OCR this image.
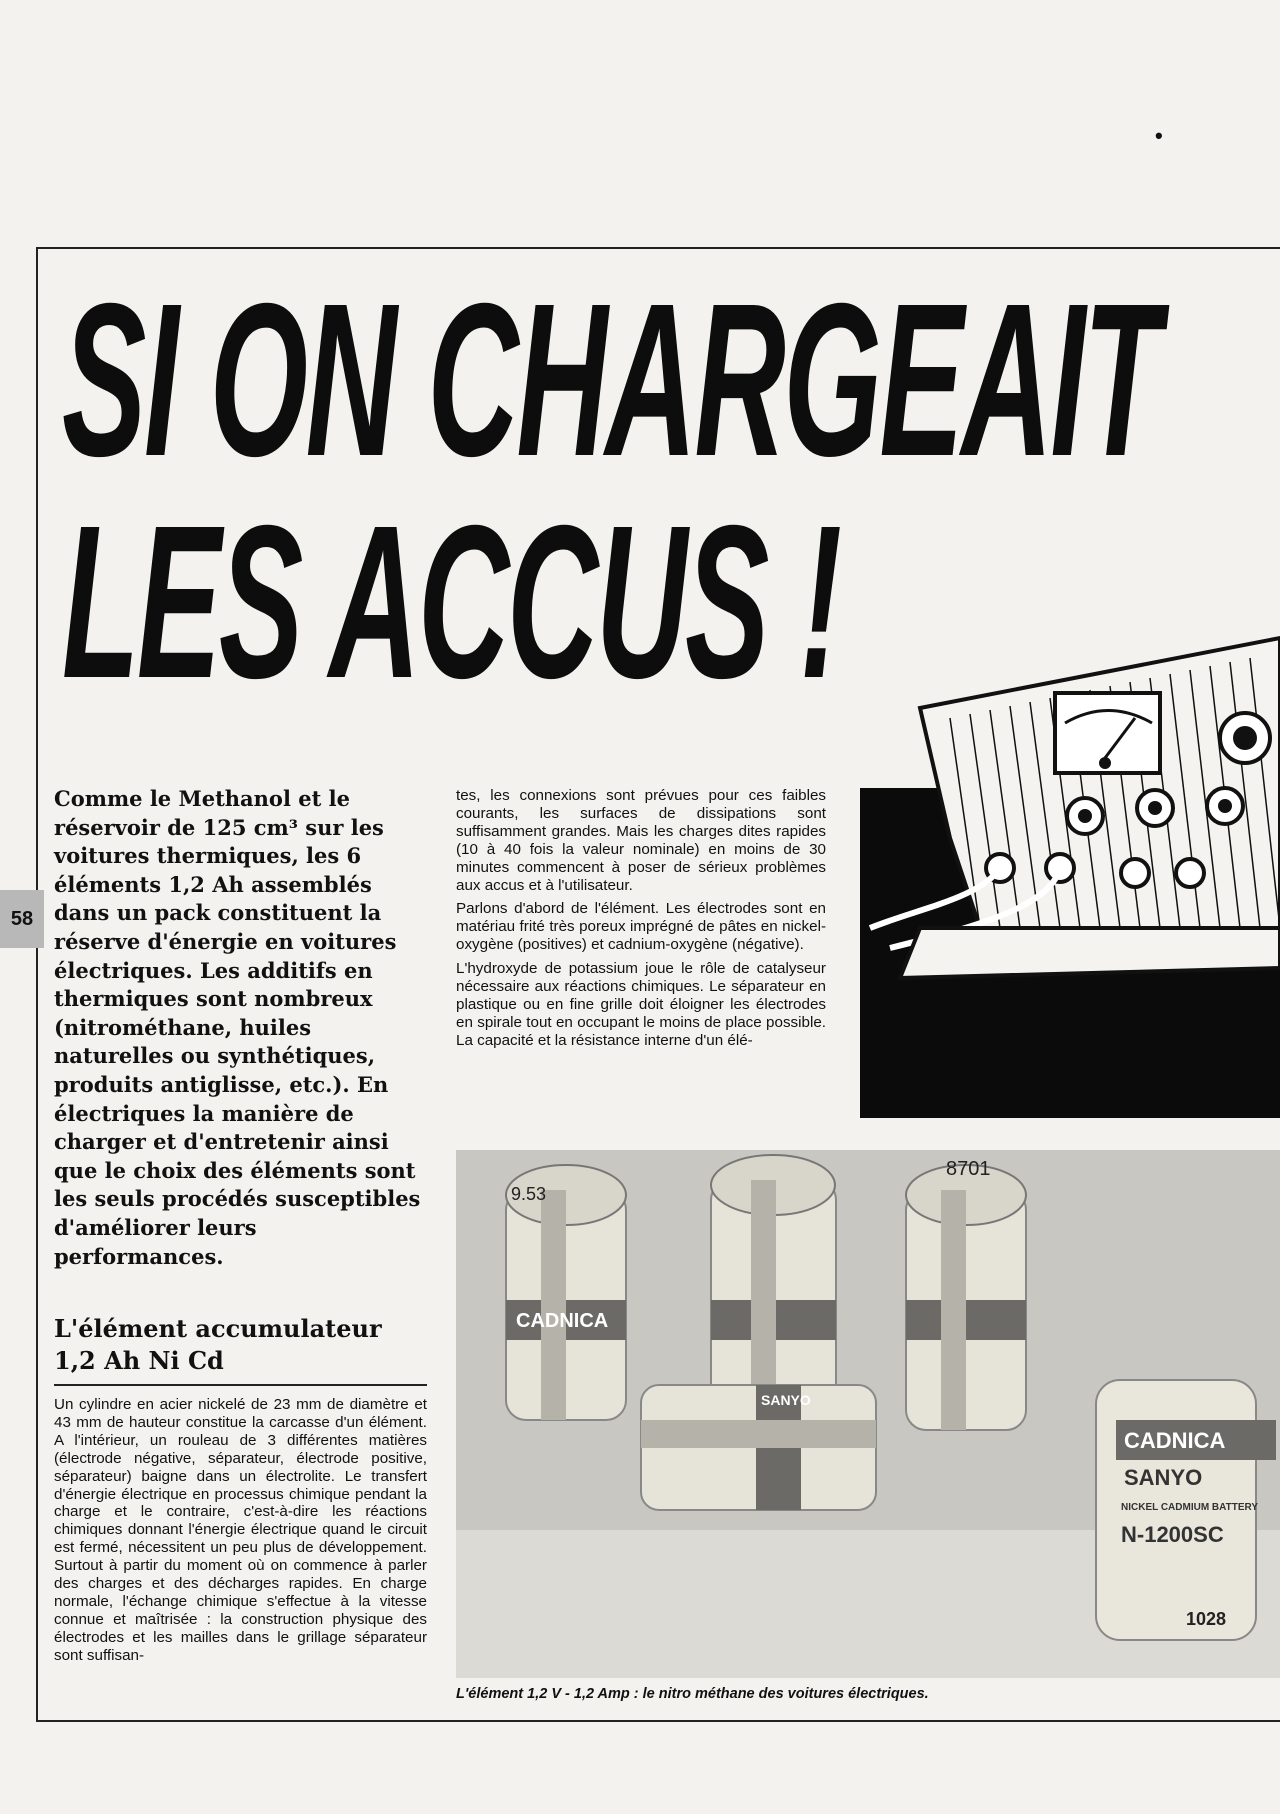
•
SI ON CHARGEAIT
LES ACCUS !
58
Comme le Methanol et le réservoir de 125 cm³ sur les voitures thermiques, les 6 éléments 1,2 Ah assemblés dans un pack constituent la réserve d'énergie en voitures électriques. Les additifs en thermiques sont nombreux (nitrométhane, huiles naturelles ou synthétiques, produits antiglisse, etc.). En électriques la manière de charger et d'entretenir ainsi que le choix des éléments sont les seuls procédés susceptibles d'améliorer leurs performances.
L'élément accumulateur 1,2 Ah Ni Cd
Un cylindre en acier nickelé de 23 mm de diamètre et 43 mm de hauteur constitue la carcasse d'un élément. A l'intérieur, un rouleau de 3 différentes matières (électrode négative, séparateur, électrode positive, séparateur) baigne dans un électrolite. Le transfert d'énergie électrique en processus chimique pendant la charge et le contraire, c'est-à-dire les réactions chimiques donnant l'énergie électrique quand le circuit est fermé, nécessitent un peu plus de développement. Surtout à partir du moment où on commence à parler des charges et des décharges rapides. En charge normale, l'échange chimique s'effectue à la vitesse connue et maîtrisée : la construction physique des électrodes et les mailles dans le grillage séparateur sont suffisan-

tes, les connexions sont prévues pour ces faibles courants, les surfaces de dissipations sont suffisamment grandes. Mais les charges dites rapides (10 à 40 fois la valeur nominale) en moins de 30 minutes commencent à poser de sérieux problèmes aux accus et à l'utilisateur.

Parlons d'abord de l'élément. Les électrodes sont en matériau frité très poreux imprégné de pâtes en nickel-oxygène (positives) et cadnium-oxygène (négative).

L'hydroxyde de potassium joue le rôle de catalyseur nécessaire aux réactions chimiques. Le séparateur en plastique ou en fine grille doit éloigner les électrodes en spirale tout en occupant le moins de place possible. La capacité et la résistance interne d'un élé-

CADNICA
9.53
8701
SANYO
CADNICA
SANYO
NICKEL CADMIUM BATTERY
N-1200SC
1028
L'élément 1,2 V - 1,2 Amp : le nitro méthane des voitures électriques.
